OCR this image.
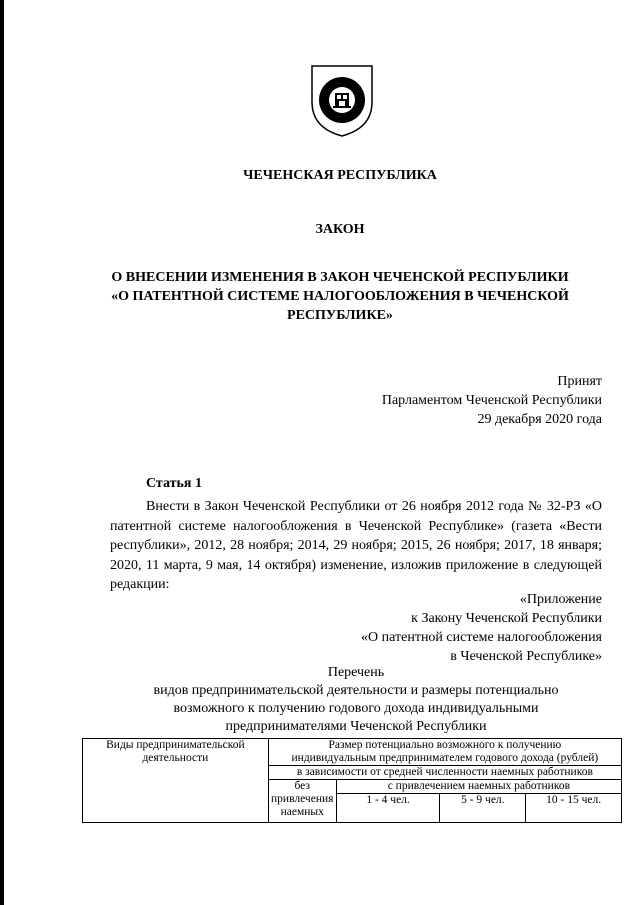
ЧЕЧЕНСКАЯ РЕСПУБЛИКА
ЗАКОН
О ВНЕСЕНИИ ИЗМЕНЕНИЯ В ЗАКОН ЧЕЧЕНСКОЙ РЕСПУБЛИКИ
«О ПАТЕНТНОЙ СИСТЕМЕ НАЛОГООБЛОЖЕНИЯ В ЧЕЧЕНСКОЙ
РЕСПУБЛИКЕ»
Принят
Парламентом Чеченской Республики
29 декабря 2020 года
Статья 1
Внести в Закон Чеченской Республики от 26 ноября 2012 года № 32-РЗ «О патентной системе налогообложения в Чеченской Республике» (газета «Вести республики», 2012, 28 ноября; 2014, 29 ноября; 2015, 26 ноября; 2017, 18 января; 2020, 11 марта, 9 мая, 14 октября) изменение, изложив приложение в следующей редакции:
«Приложение
к Закону Чеченской Республики
«О патентной системе налогообложения
в Чеченской Республике»
Перечень
видов предпринимательской деятельности и размеры потенциально
возможного к получению годового дохода индивидуальными
предпринимателями Чеченской Республики
Виды предпринимательской деятельности	Размер потенциально возможного к получению
индивидуальным предпринимателем годового дохода (рублей)			

	в зависимости от средней численности наемных работников			
	без привлечения наемных	с привлечением наемных работников		
		1 - 4 чел.	5 - 9 чел.	10 - 15 чел.
